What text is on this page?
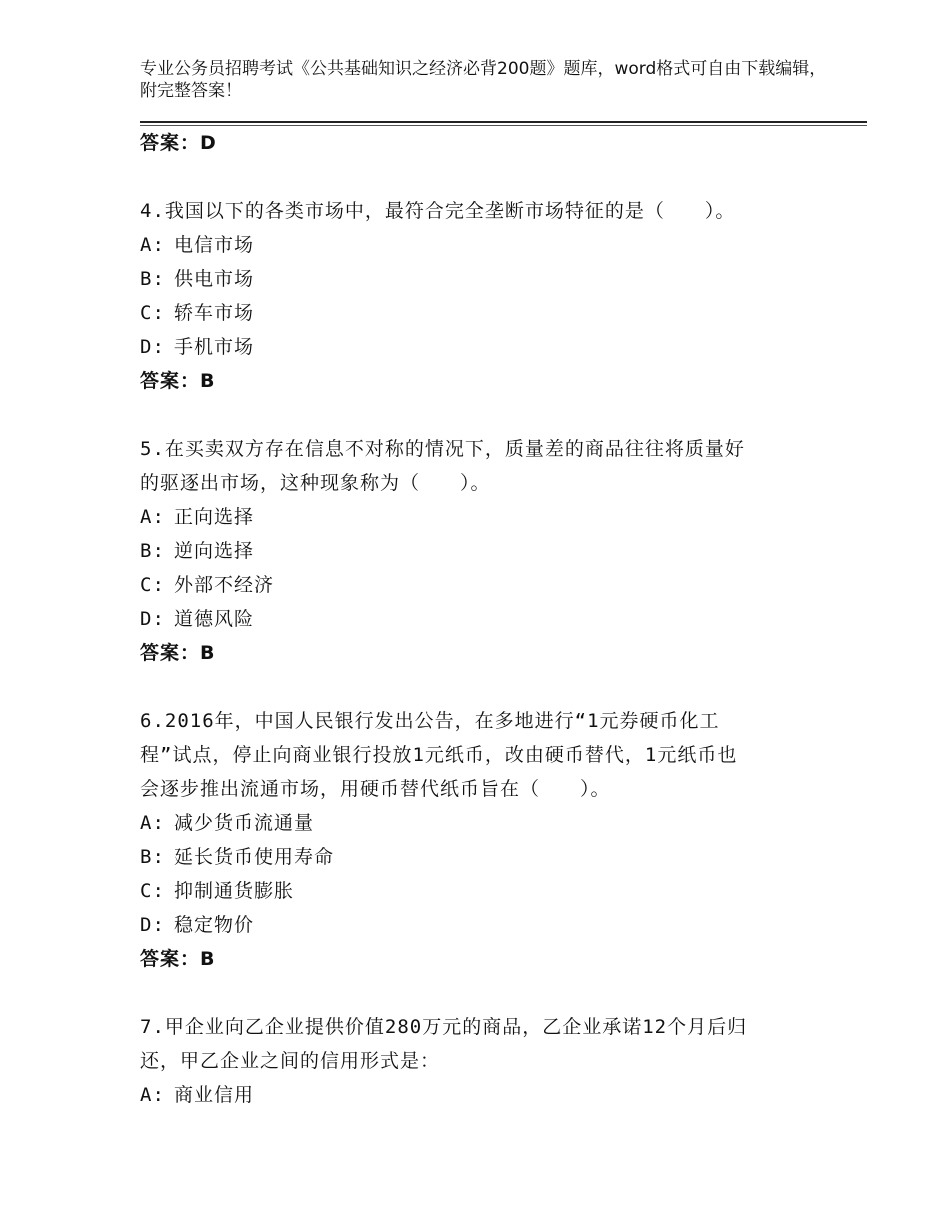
专业公务员招聘考试《公共基础知识之经济必背200题》题库，word格式可自由下载编辑，附完整答案！
答案：D
4.我国以下的各类市场中，最符合完全垄断市场特征的是（　　）。
A: 电信市场
B: 供电市场
C: 轿车市场
D: 手机市场
答案：B
5.在买卖双方存在信息不对称的情况下，质量差的商品往往将质量好
的驱逐出市场，这种现象称为（　　）。
A: 正向选择
B: 逆向选择
C: 外部不经济
D: 道德风险
答案：B
6.2016年，中国人民银行发出公告，在多地进行“1元券硬币化工
程”试点，停止向商业银行投放1元纸币，改由硬币替代，1元纸币也
会逐步推出流通市场，用硬币替代纸币旨在（　　）。
A: 减少货币流通量
B: 延长货币使用寿命
C: 抑制通货膨胀
D: 稳定物价
答案：B
7.甲企业向乙企业提供价值280万元的商品，乙企业承诺12个月后归
还，甲乙企业之间的信用形式是：
A: 商业信用
